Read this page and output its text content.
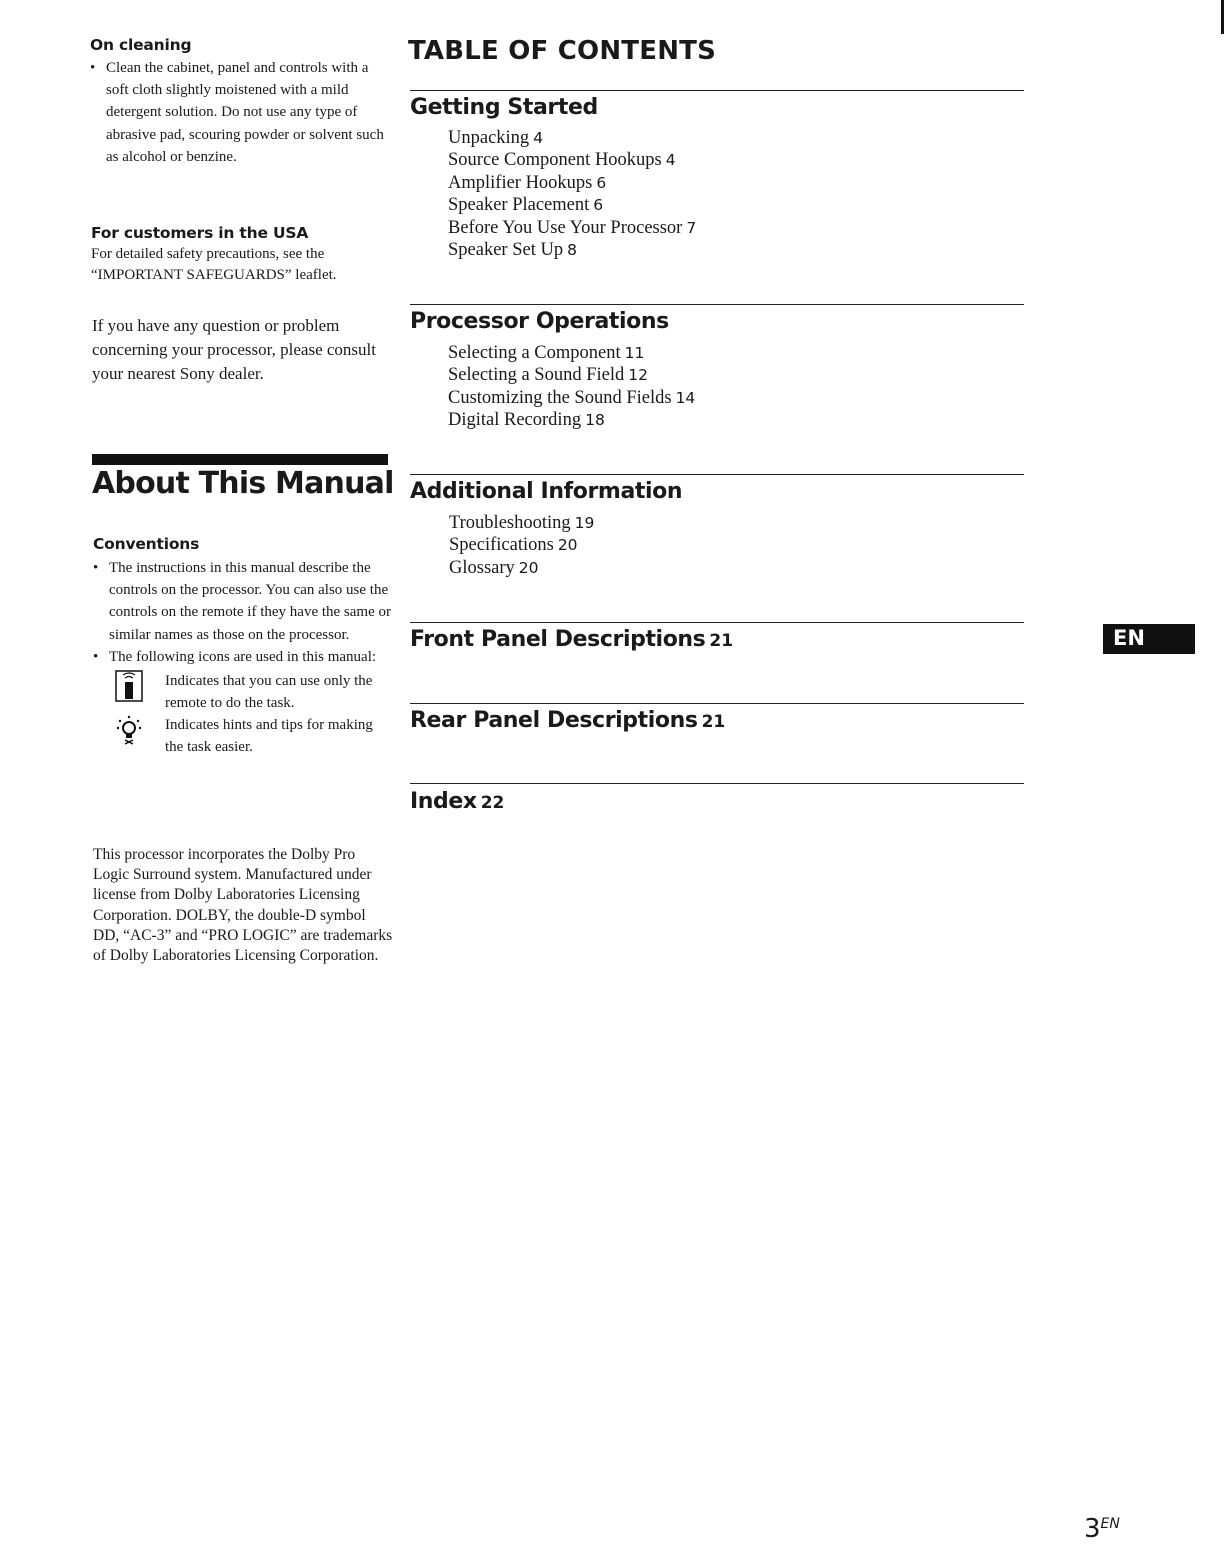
On cleaning
• Clean the cabinet, panel and controls with a soft cloth slightly moistened with a mild detergent solution. Do not use any type of abrasive pad, scouring powder or solvent such as alcohol or benzine.
For customers in the USA
For detailed safety precautions, see the “IMPORTANT SAFEGUARDS” leaflet.
If you have any question or problem concerning your processor, please consult your nearest Sony dealer.
About This Manual
Conventions
• The instructions in this manual describe the controls on the processor. You can also use the controls on the remote if they have the same or similar names as those on the processor.
• The following icons are used in this manual:
Indicates that you can use only the remote to do the task.
Indicates hints and tips for making the task easier.
This processor incorporates the Dolby Pro Logic Surround system. Manufactured under license from Dolby Laboratories Licensing Corporation. DOLBY, the double-D symbol DD, “AC-3” and “PRO LOGIC” are trademarks of Dolby Laboratories Licensing Corporation.
TABLE OF CONTENTS
Getting Started
Unpacking 4
Source Component Hookups 4
Amplifier Hookups 6
Speaker Placement 6
Before You Use Your Processor 7
Speaker Set Up 8
Processor Operations
Selecting a Component 11
Selecting a Sound Field 12
Customizing the Sound Fields 14
Digital Recording 18
Additional Information
Troubleshooting 19
Specifications 20
Glossary 20
Front Panel Descriptions 21
Rear Panel Descriptions 21
Index 22
EN
3EN
